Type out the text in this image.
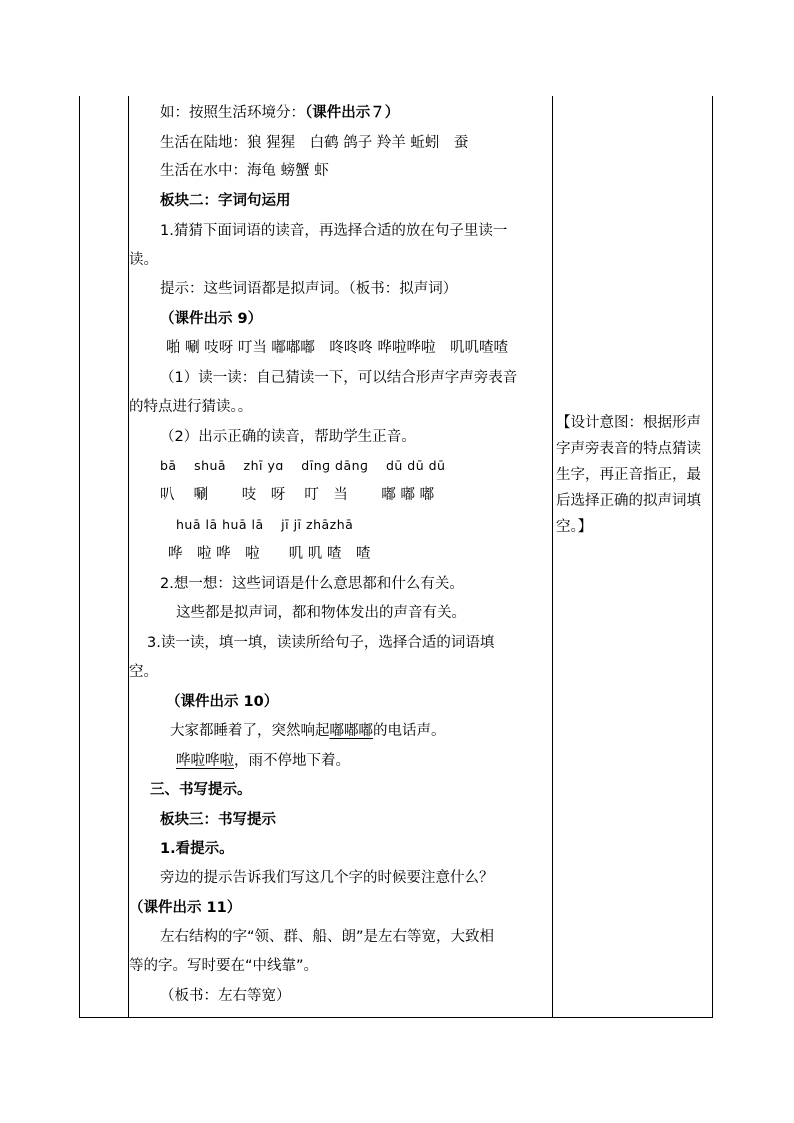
如：按照生活环境分：（课件出示７）
生活在陆地：狼 猩猩　白鹤 鸽子 羚羊 蚯蚓　蚕
生活在水中：海龟 螃蟹 虾
板块二：字词句运用
1.猜猜下面词语的读音，再选择合适的放在句子里读一
读。
提示：这些词语都是拟声词。（板书：拟声词）
（课件出示 9）
啪 唰 吱呀 叮当 嘟嘟嘟　咚咚咚 哗啦哗啦　叽叽喳喳
（1）读一读：自己猜读一下，可以结合形声字声旁表音
的特点进行猜读。。
（2）出示正确的读音，帮助学生正音。
bā　 shuā　 zhī yɑ　 dīnɡ dānɡ　 dū dū dū
叭　 唰　　 吱　呀　 叮　当　　 嘟 嘟 嘟
huā lā huā lā　 jī jī zhāzhā
哗　啦 哗　啦　　叽 叽 喳　喳
2.想一想：这些词语是什么意思都和什么有关。
这些都是拟声词，都和物体发出的声音有关。
3.读一读，填一填，读读所给句子，选择合适的词语填
空。
（课件出示 10）
大家都睡着了，突然响起嘟嘟嘟的电话声。
哗啦哗啦，雨不停地下着。
三、书写提示。
板块三：书写提示
1.看提示。
旁边的提示告诉我们写这几个字的时候要注意什么？
（课件出示 11）
左右结构的字“领、群、船、朗”是左右等宽，大致相
等的字。写时要在“中线靠”。
（板书：左右等宽）
【设计意图：根据形声字声旁表音的特点猜读生字，再正音指正，最后选择正确的拟声词填空。】
